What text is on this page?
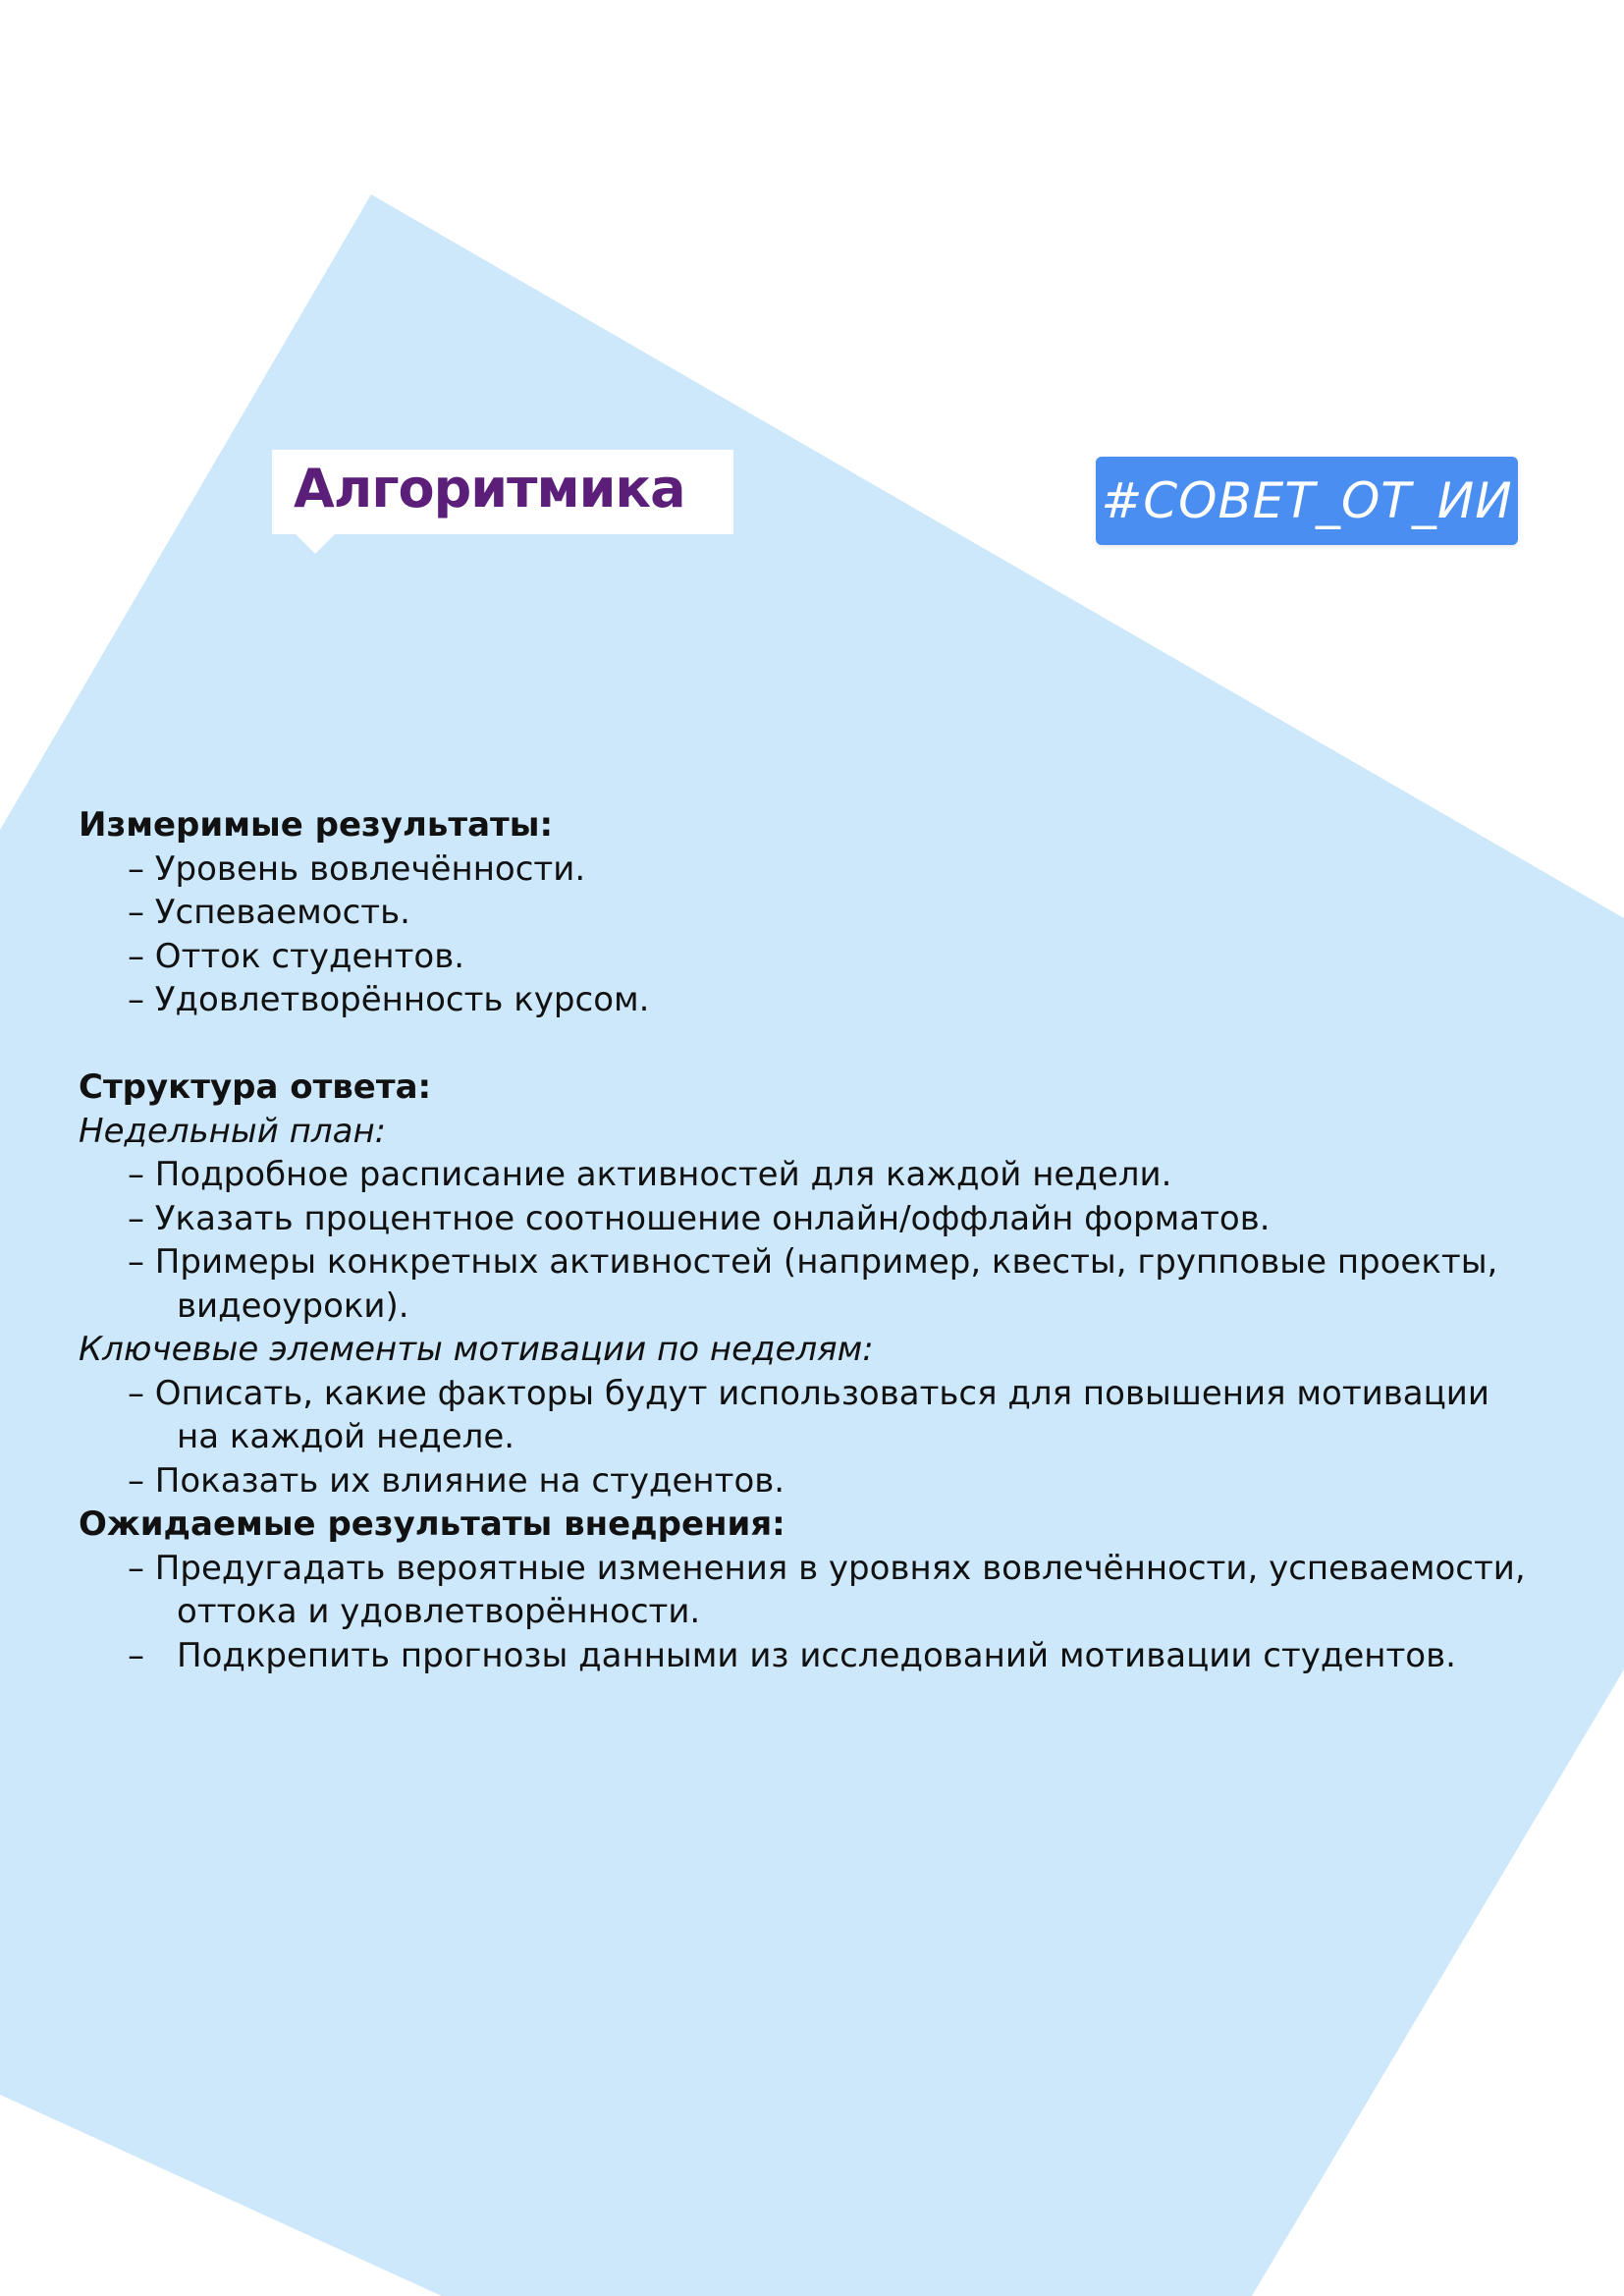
Алгоритмика	#СОВЕТ_ОТ_ИИ

Измеримые результаты:

– Уровень вовлечённости.

– Успеваемость.

– Отток студентов.

– Удовлетворённость курсом.

Структура ответа:

Недельный план:

– Подробное расписание активностей для каждой недели.

– Указать процентное соотношение онлайн/оффлайн форматов.

– Примеры конкретных активностей (например, квесты, групповые проекты,

видеоуроки).

Ключевые элементы мотивации по неделям:

– Описать, какие факторы будут использоваться для повышения мотивации

на каждой неделе.

– Показать их влияние на студентов.

Ожидаемые результаты внедрения:

– Предугадать вероятные изменения в уровнях вовлечённости, успеваемости,

оттока и удовлетворённости.

– Подкрепить прогнозы данными из исследований мотивации студентов.
